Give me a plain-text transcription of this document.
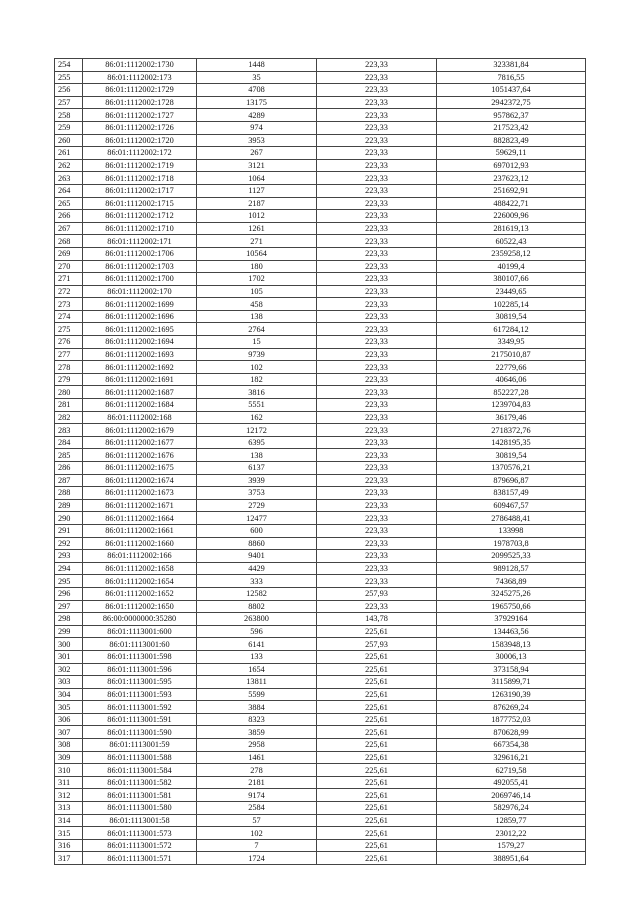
254	86:01:1112002:1730	1448	223,33	323381,84
255	86:01:1112002:173	35	223,33	7816,55
256	86:01:1112002:1729	4708	223,33	1051437,64
257	86:01:1112002:1728	13175	223,33	2942372,75
258	86:01:1112002:1727	4289	223,33	957862,37
259	86:01:1112002:1726	974	223,33	217523,42
260	86:01:1112002:1720	3953	223,33	882823,49
261	86:01:1112002:172	267	223,33	59629,11
262	86:01:1112002:1719	3121	223,33	697012,93
263	86:01:1112002:1718	1064	223,33	237623,12
264	86:01:1112002:1717	1127	223,33	251692,91
265	86:01:1112002:1715	2187	223,33	488422,71
266	86:01:1112002:1712	1012	223,33	226009,96
267	86:01:1112002:1710	1261	223,33	281619,13
268	86:01:1112002:171	271	223,33	60522,43
269	86:01:1112002:1706	10564	223,33	2359258,12
270	86:01:1112002:1703	180	223,33	40199,4
271	86:01:1112002:1700	1702	223,33	380107,66
272	86:01:1112002:170	105	223,33	23449,65
273	86:01:1112002:1699	458	223,33	102285,14
274	86:01:1112002:1696	138	223,33	30819,54
275	86:01:1112002:1695	2764	223,33	617284,12
276	86:01:1112002:1694	15	223,33	3349,95
277	86:01:1112002:1693	9739	223,33	2175010,87
278	86:01:1112002:1692	102	223,33	22779,66
279	86:01:1112002:1691	182	223,33	40646,06
280	86:01:1112002:1687	3816	223,33	852227,28
281	86:01:1112002:1684	5551	223,33	1239704,83
282	86:01:1112002:168	162	223,33	36179,46
283	86:01:1112002:1679	12172	223,33	2718372,76
284	86:01:1112002:1677	6395	223,33	1428195,35
285	86:01:1112002:1676	138	223,33	30819,54
286	86:01:1112002:1675	6137	223,33	1370576,21
287	86:01:1112002:1674	3939	223,33	879696,87
288	86:01:1112002:1673	3753	223,33	838157,49
289	86:01:1112002:1671	2729	223,33	609467,57
290	86:01:1112002:1664	12477	223,33	2786488,41
291	86:01:1112002:1661	600	223,33	133998
292	86:01:1112002:1660	8860	223,33	1978703,8
293	86:01:1112002:166	9401	223,33	2099525,33
294	86:01:1112002:1658	4429	223,33	989128,57
295	86:01:1112002:1654	333	223,33	74368,89
296	86:01:1112002:1652	12582	257,93	3245275,26
297	86:01:1112002:1650	8802	223,33	1965750,66
298	86:00:0000000:35280	263800	143,78	37929164
299	86:01:1113001:600	596	225,61	134463,56
300	86:01:1113001:60	6141	257,93	1583948,13
301	86:01:1113001:598	133	225,61	30006,13
302	86:01:1113001:596	1654	225,61	373158,94
303	86:01:1113001:595	13811	225,61	3115899,71
304	86:01:1113001:593	5599	225,61	1263190,39
305	86:01:1113001:592	3884	225,61	876269,24
306	86:01:1113001:591	8323	225,61	1877752,03
307	86:01:1113001:590	3859	225,61	870628,99
308	86:01:1113001:59	2958	225,61	667354,38
309	86:01:1113001:588	1461	225,61	329616,21
310	86:01:1113001:584	278	225,61	62719,58
311	86:01:1113001:582	2181	225,61	492055,41
312	86:01:1113001:581	9174	225,61	2069746,14
313	86:01:1113001:580	2584	225,61	582976,24
314	86:01:1113001:58	57	225,61	12859,77
315	86:01:1113001:573	102	225,61	23012,22
316	86:01:1113001:572	7	225,61	1579,27
317	86:01:1113001:571	1724	225,61	388951,64
